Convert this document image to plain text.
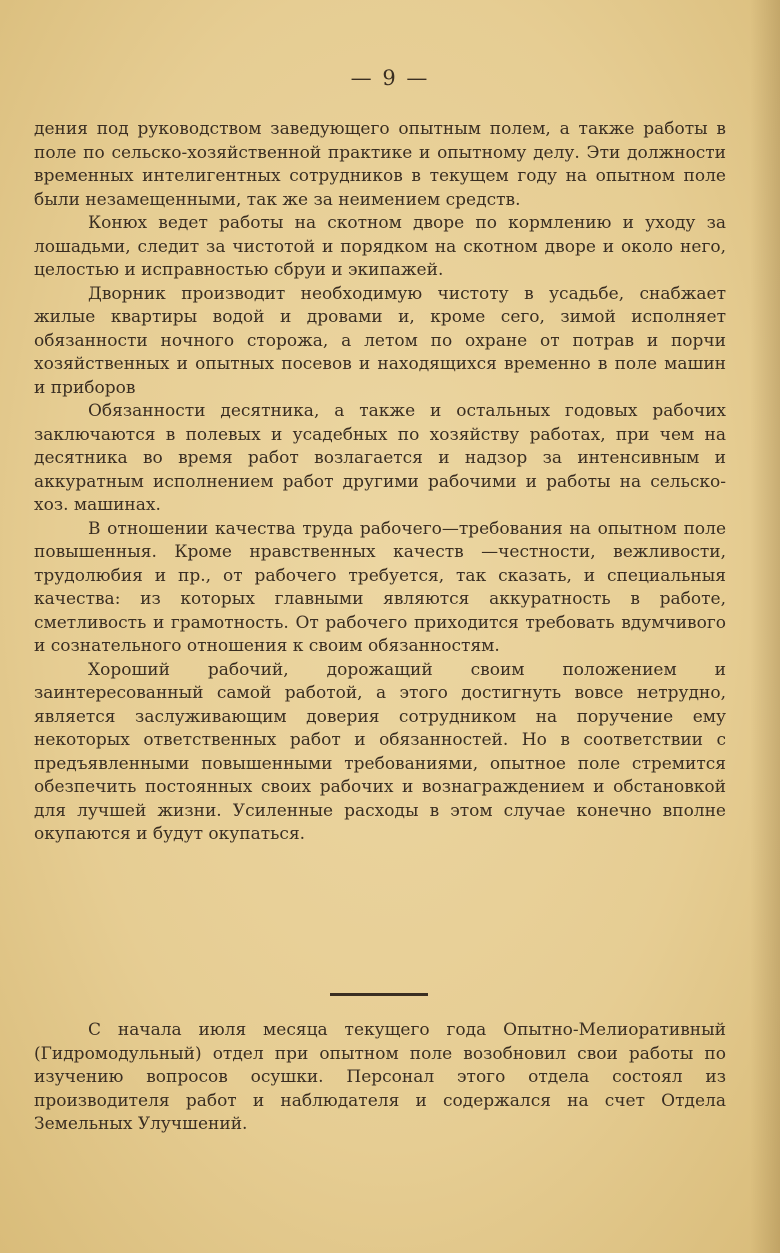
— 9 —

дения под руководством заведующего опытным полем, а также работы в поле по сельско-хозяйственной практике и опытному делу. Эти должности временных интелигентных сотрудников в текущем году на опытном поле были незамещенными, так же за неимением средств.

Конюх ведет работы на скотном дворе по кормлению и уходу за лошадьми, следит за чистотой и порядком на скотном дворе и около него, целостью и исправностью сбруи и экипажей.

Дворник производит необходимую чистоту в усадьбе, снабжает жилые квартиры водой и дровами и, кроме сего, зимой исполняет обязанности ночного сторожа, а летом по охране от потрав и порчи хозяйственных и опытных посевов и находящихся временно в поле машин и приборов

Обязанности десятника, а также и остальных годовых рабочих заключаются в полевых и усадебных по хозяйству работах, при чем на десятника во время работ возлагается и надзор за интенсивным и аккуратным исполнением работ другими рабочими и работы на сельско-хоз. машинах.

В отношении качества труда рабочего—требования на опытном поле повышенныя. Кроме нравственных качеств —честности, вежливости, трудолюбия и пр., от рабочего требуется, так сказать, и специальныя качества: из которых главными являются аккуратность в работе, сметливость и грамотность. От рабочего приходится требовать вдумчивого и сознательного отношения к своим обязанностям.

Хороший рабочий, дорожащий своим положением и заинтересованный самой работой, а этого достигнуть вовсе нетрудно, является заслуживающим доверия сотрудником на поручение ему некоторых ответственных работ и обязанностей. Но в соответствии с предъявленными повышенными требованиями, опытное поле стремится обезпечить постоянных своих рабочих и вознаграждением и обстановкой для лучшей жизни. Усиленные расходы в этом случае конечно вполне окупаются и будут окупаться.

С начала июля месяца текущего года Опытно-Мелиоративный (Гидромодульный) отдел при опытном поле возобновил свои работы по изучению вопросов осушки. Персонал этого отдела состоял из производителя работ и наблюдателя и содержался на счет Отдела Земельных Улучшений.
